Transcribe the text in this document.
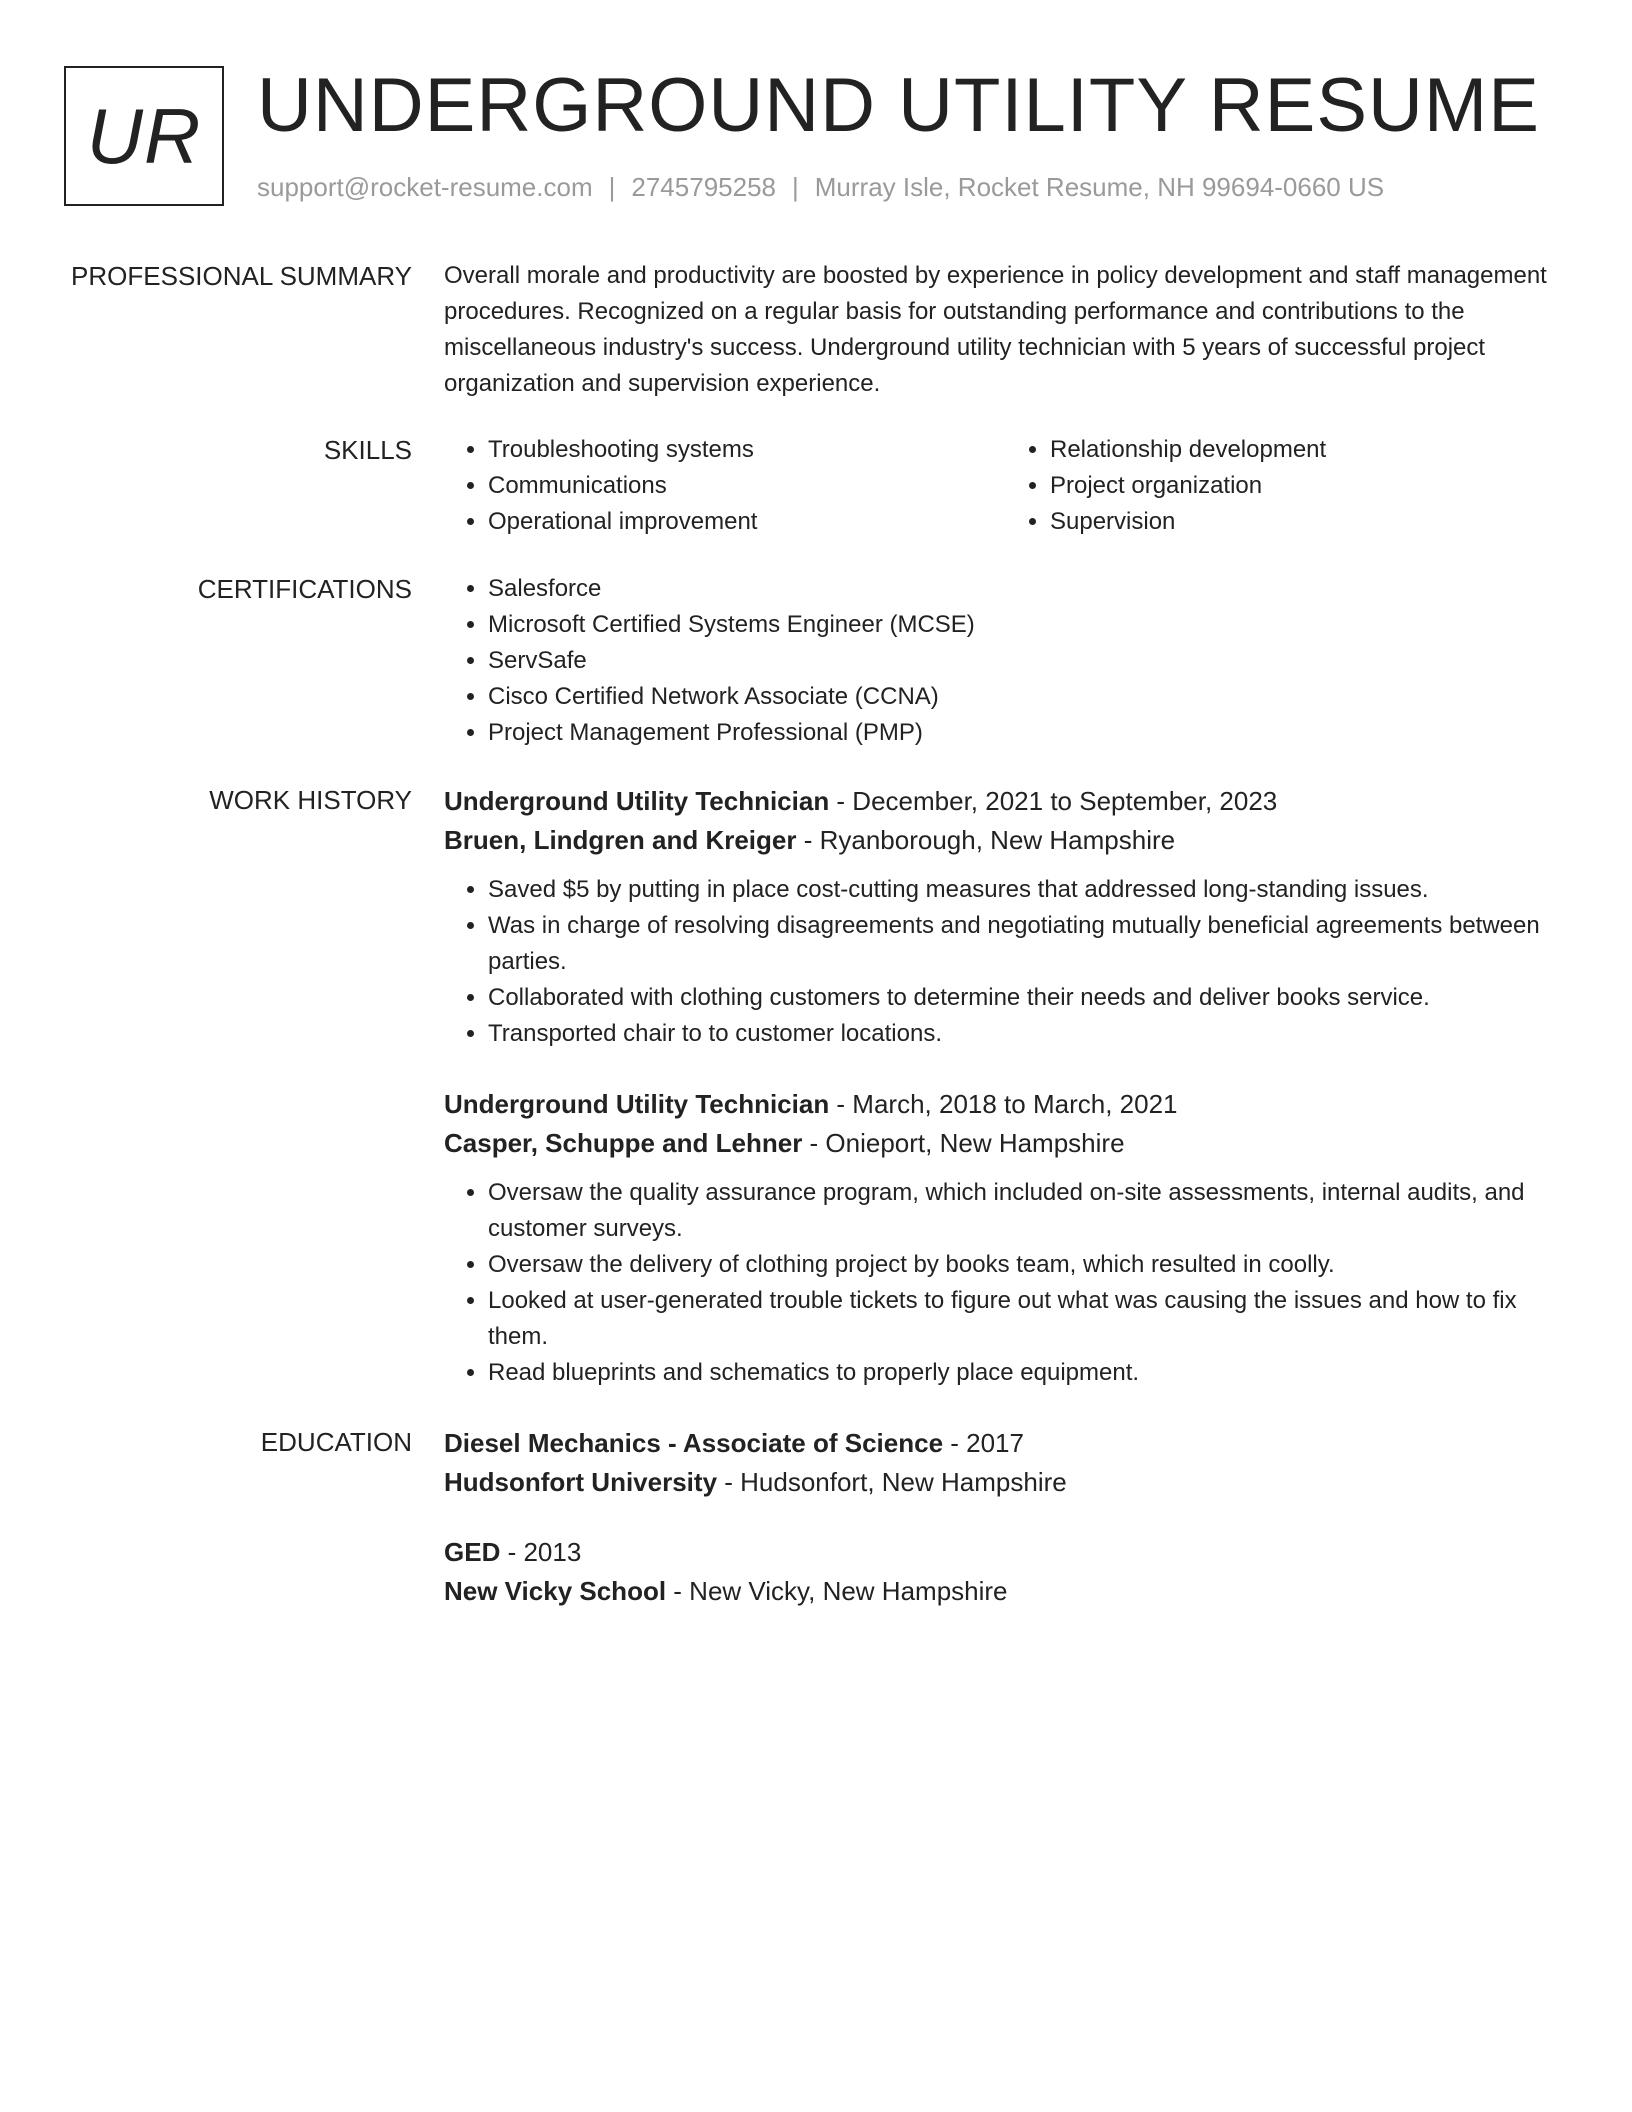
UR UNDERGROUND UTILITY RESUME
support@rocket-resume.com | 2745795258 | Murray Isle, Rocket Resume, NH 99694-0660 US
PROFESSIONAL SUMMARY Overall morale and productivity are boosted by experience in policy development and staff management procedures. Recognized on a regular basis for outstanding performance and contributions to the miscellaneous industry's success. Underground utility technician with 5 years of successful project organization and supervision experience.

SKILLS	• Troubleshooting systems
• Communications
• Operational improvement
• Relationship development
• Project organization
• Supervision
CERTIFICATIONS	• Salesforce
• Microsoft Certified Systems Engineer (MCSE)
• ServSafe
• Cisco Certified Network Associate (CCNA)
• Project Management Professional (PMP)
WORK HISTORY Underground Utility Technician - December, 2021 to September, 2023
Bruen, Lindgren and Kreiger - Ryanborough, New Hampshire
• Saved $5 by putting in place cost-cutting measures that addressed long-standing issues.
• Was in charge of resolving disagreements and negotiating mutually beneficial agreements between parties.
• Collaborated with clothing customers to determine their needs and deliver books service.
• Transported chair to to customer locations.
Underground Utility Technician - March, 2018 to March, 2021
Casper, Schuppe and Lehner - Onieport, New Hampshire
• Oversaw the quality assurance program, which included on-site assessments, internal audits, and customer surveys.
• Oversaw the delivery of clothing project by books team, which resulted in coolly.
• Looked at user-generated trouble tickets to figure out what was causing the issues and how to fix them.
• Read blueprints and schematics to properly place equipment.
EDUCATION Diesel Mechanics - Associate of Science - 2017
Hudsonfort University - Hudsonfort, New Hampshire
GED - 2013
New Vicky School - New Vicky, New Hampshire
